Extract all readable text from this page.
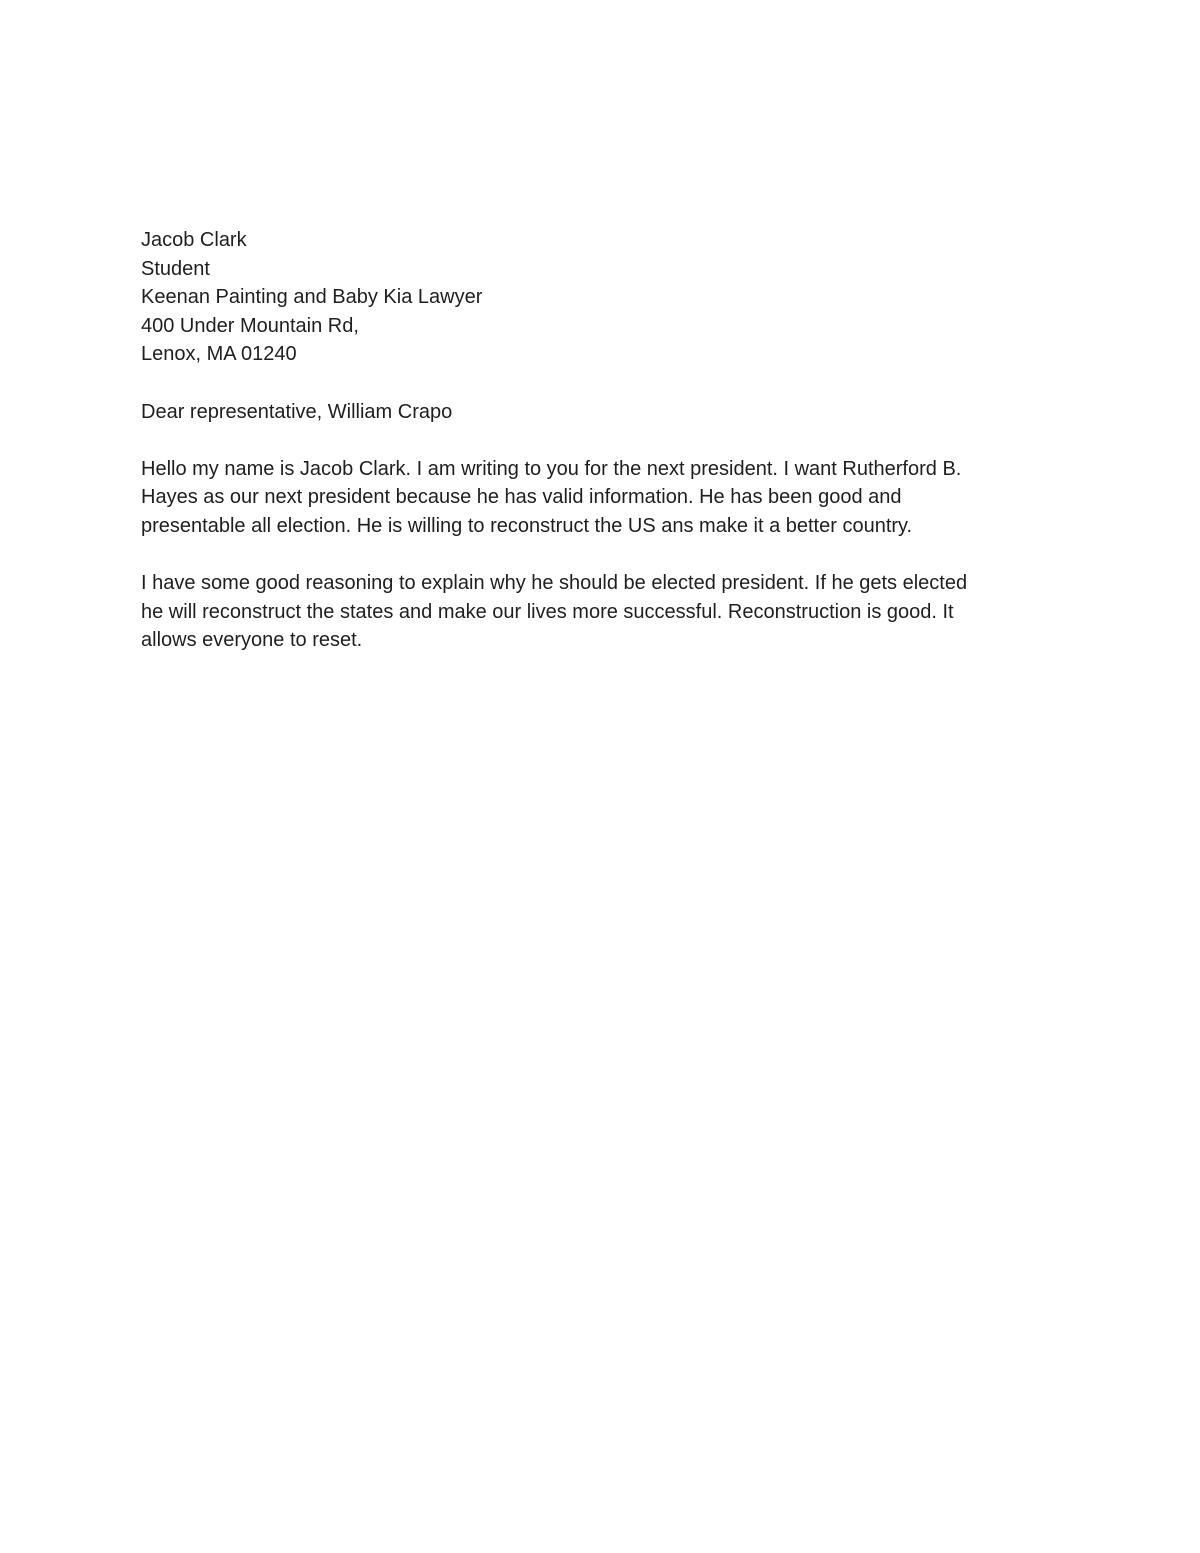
Jacob Clark
Student
Keenan Painting and Baby Kia Lawyer
400 Under Mountain Rd,
Lenox, MA 01240
Dear representative, William Crapo
Hello my name is Jacob Clark. I am writing to you for the next president. I want Rutherford B.
Hayes as our next president because he has valid information. He has been good and
presentable all election. He is willing to reconstruct the US ans make it a better country.
I have some good reasoning to explain why he should be elected president. If he gets elected
he will reconstruct the states and make our lives more successful. Reconstruction is good. It
allows everyone to reset.
